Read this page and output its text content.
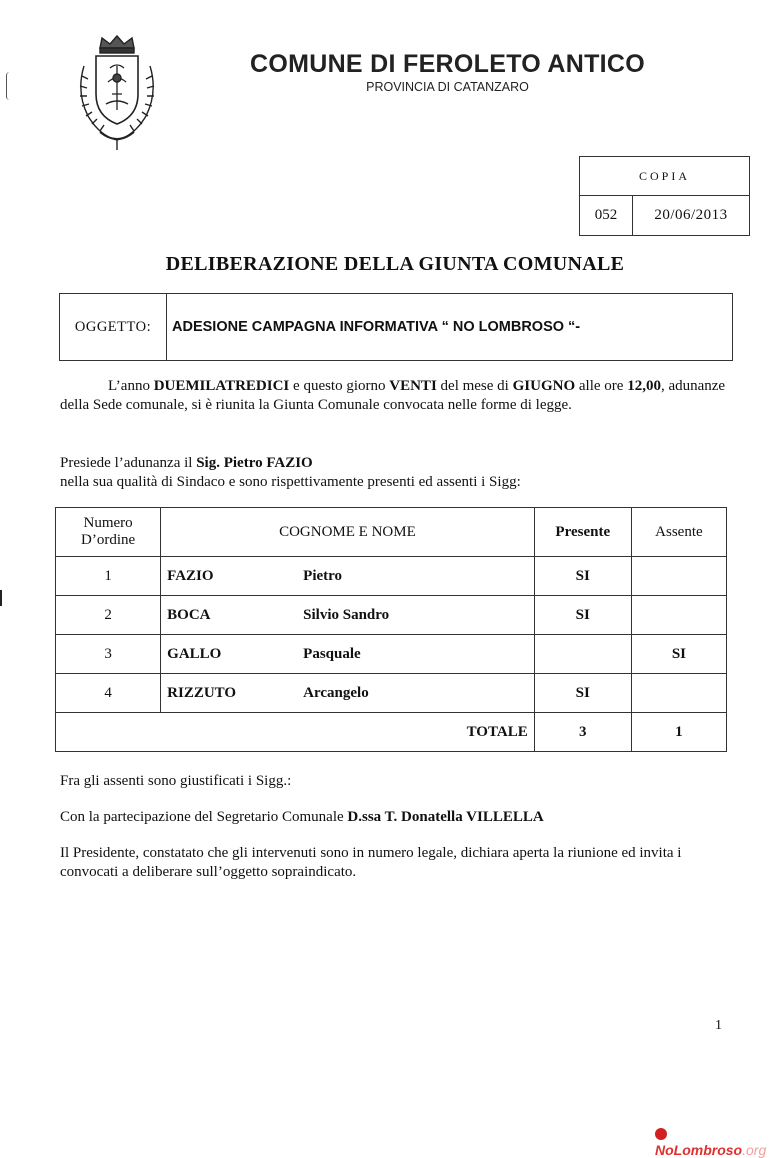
COMUNE DI FEROLETO ANTICO
PROVINCIA DI CATANZARO
COPIA
052	20/06/2013
DELIBERAZIONE DELLA GIUNTA COMUNALE
OGGETTO:	ADESIONE CAMPAGNA INFORMATIVA “ NO LOMBROSO “-
L’anno DUEMILATREDICI e questo giorno VENTI del mese di GIUGNO alle ore 12,00, adunanze della Sede comunale, si è riunita la Giunta Comunale convocata nelle forme di legge.
Presiede l’adunanza il Sig. Pietro FAZIO
nella sua qualità di Sindaco e sono rispettivamente presenti ed assenti i Sigg:
Numero D’ordine	COGNOME E NOME	Presente	Assente
1	FAZIO Pietro	SI	
2	BOCA Silvio Sandro	SI	
3	GALLO Pasquale		SI
4	RIZZUTO Arcangelo	SI	
TOTALE		3	1
Fra gli assenti sono giustificati i Sigg.:
Con la partecipazione del Segretario Comunale D.ssa T. Donatella VILLELLA
Il Presidente, constatato che gli intervenuti sono in numero legale, dichiara aperta la riunione ed invita i convocati a deliberare sull’oggetto sopraindicato.
1
NoLombroso.org
